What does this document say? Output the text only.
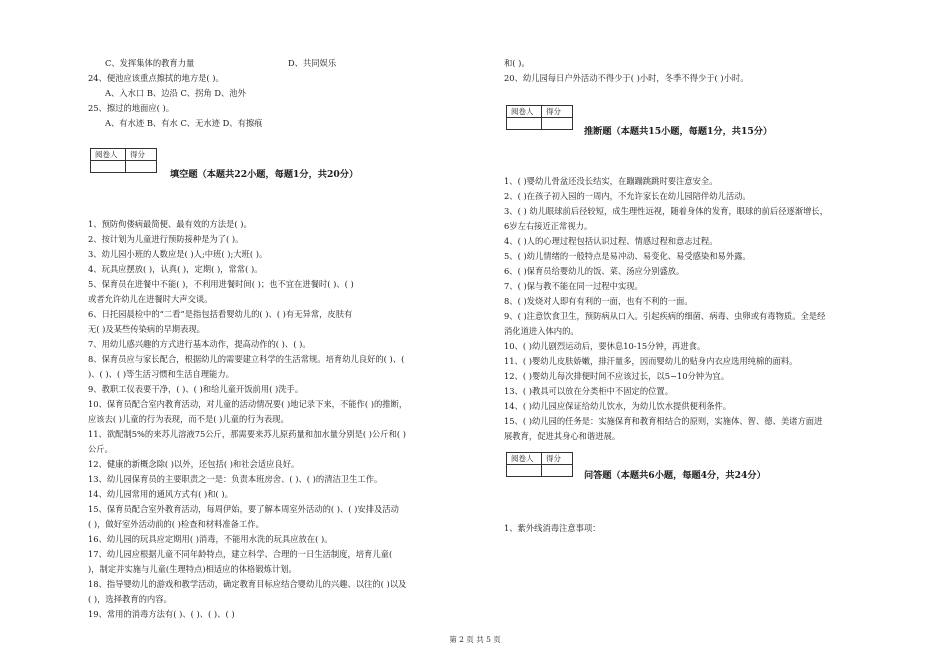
C、发挥集体的教育力量	D、共同娱乐
24、便池应该重点擦拭的地方是( )。
A、入水口 B、边沿 C、拐角 D、池外
25、擦过的地面应( )。
A、有水迹 B、有水 C、无水迹 D、有擦痕
阅卷人	得分

填空题（本题共22小题，每题1分，共20分）
1、预防佝偻病最简便、最有效的方法是( )。
2、按计划为儿童进行预防接种是为了( )。
3、幼儿园小班的人数应是( )人;中班( );大班( )。
4、玩具应摆放( )，认真( )，定期( )，常常( )。
5、保育员在进餐中不能( )，不利用进餐时间( )；也不宜在进餐时( )、( )
或者允许幼儿在进餐时大声交谈。
6、日托园晨检中的“二看”是指包括看婴幼儿的( )、( )有无异常，皮肤有
无( )及某些传染病的早期表现。
7、用幼儿感兴趣的方式进行基本动作，提高动作的( )、( )。
8、保育员应与家长配合，根据幼儿的需要建立科学的生活常规。培育幼儿良好的( )、(
)、( )、( )等生活习惯和生活自理能力。
9、教职工仪表要干净，( )、( )和给儿童开饭前用( )洗手。
10、保育员配合室内教育活动，对儿童的活动情况要( )地记录下来，不能作( )的推断，
应该去( )儿童的行为表现，而不是( )儿童的行为表现。
11、欲配制5%的来苏儿溶液75公斤，那需要来苏儿原药量和加水量分别是( )公斤和( )
公斤。
12、健康的新概念除( )以外，还包括( )和社会适应良好。
13、幼儿园保育员的主要职责之一是：负责本班房舍、( )、( )的清洁卫生工作。
14、幼儿园常用的通风方式有( )和( )。
15、保育员配合室外教育活动，每周伊始，要了解本周室外活动的( )、( )安排及活动
( )，做好室外活动前的( )检查和材料准备工作。
16、幼儿园的玩具应定期用( )消毒，不能用水洗的玩具应放在( )。
17、幼儿园应根据儿童不同年龄特点，建立科学、合理的一日生活制度，培育儿童(
)，制定并实施与儿童(生理特点)相适应的体格锻炼计划。
18、指导婴幼儿的游戏和教学活动，确定教育目标应结合婴幼儿的兴趣、以往的( )以及
( )，选择教育的内容。
19、常用的消毒方法有( )、( )、( )、( )
和( )。
20、幼儿园每日户外活动不得少于( )小时，冬季不得少于( )小时。
阅卷人	得分

推断题（本题共15小题，每题1分，共15分）
1、( )婴幼儿骨盆还没长结实，在蹦蹦跳跳时要注意安全。
2、( )在孩子初入园的一周内，不允许家长在幼儿园陪伴幼儿活动。
3、( ) 幼儿眼球前后径较短，成生理性远视，随着身体的发育，眼球的前后径逐渐增长，
6岁左右接近正常视力。
4、( )人的心理过程包括认识过程、情感过程和意志过程。
5、( )幼儿情绪的一般特点是易冲动、易变化、易受感染和易外露。
6、( )保育员给婴幼儿的饭、菜、汤应分别盛放。
7、( )保与教不能在同一过程中实现。
8、( )发烧对人即有有利的一面，也有不利的一面。
9、( )注意饮食卫生，预防病从口入。引起疾病的细菌、病毒、虫卵或有毒物质。全是经
消化道进入体内的。
10、( )幼儿剧烈运动后，要休息10-15分钟，再进食。
11、( )婴幼儿皮肤娇嫩，排汗量多，因而婴幼儿的贴身内衣应选用纯棉的面料。
12、( )婴幼儿每次排便时间不应该过长，以5~10分钟为宜。
13、( )教具可以放在分类柜中不固定的位置。
14、( )幼儿园应保证给幼儿饮水，为幼儿饮水提供便利条件。
15、( )幼儿园的任务是：实施保育和教育相结合的原则，实施体、智、德、美诸方面进
展教育，促进其身心和谐进展。
阅卷人	得分

问答题（本题共6小题，每题4分，共24分）
1、紫外线消毒注意事项：
第 2 页 共 5 页
